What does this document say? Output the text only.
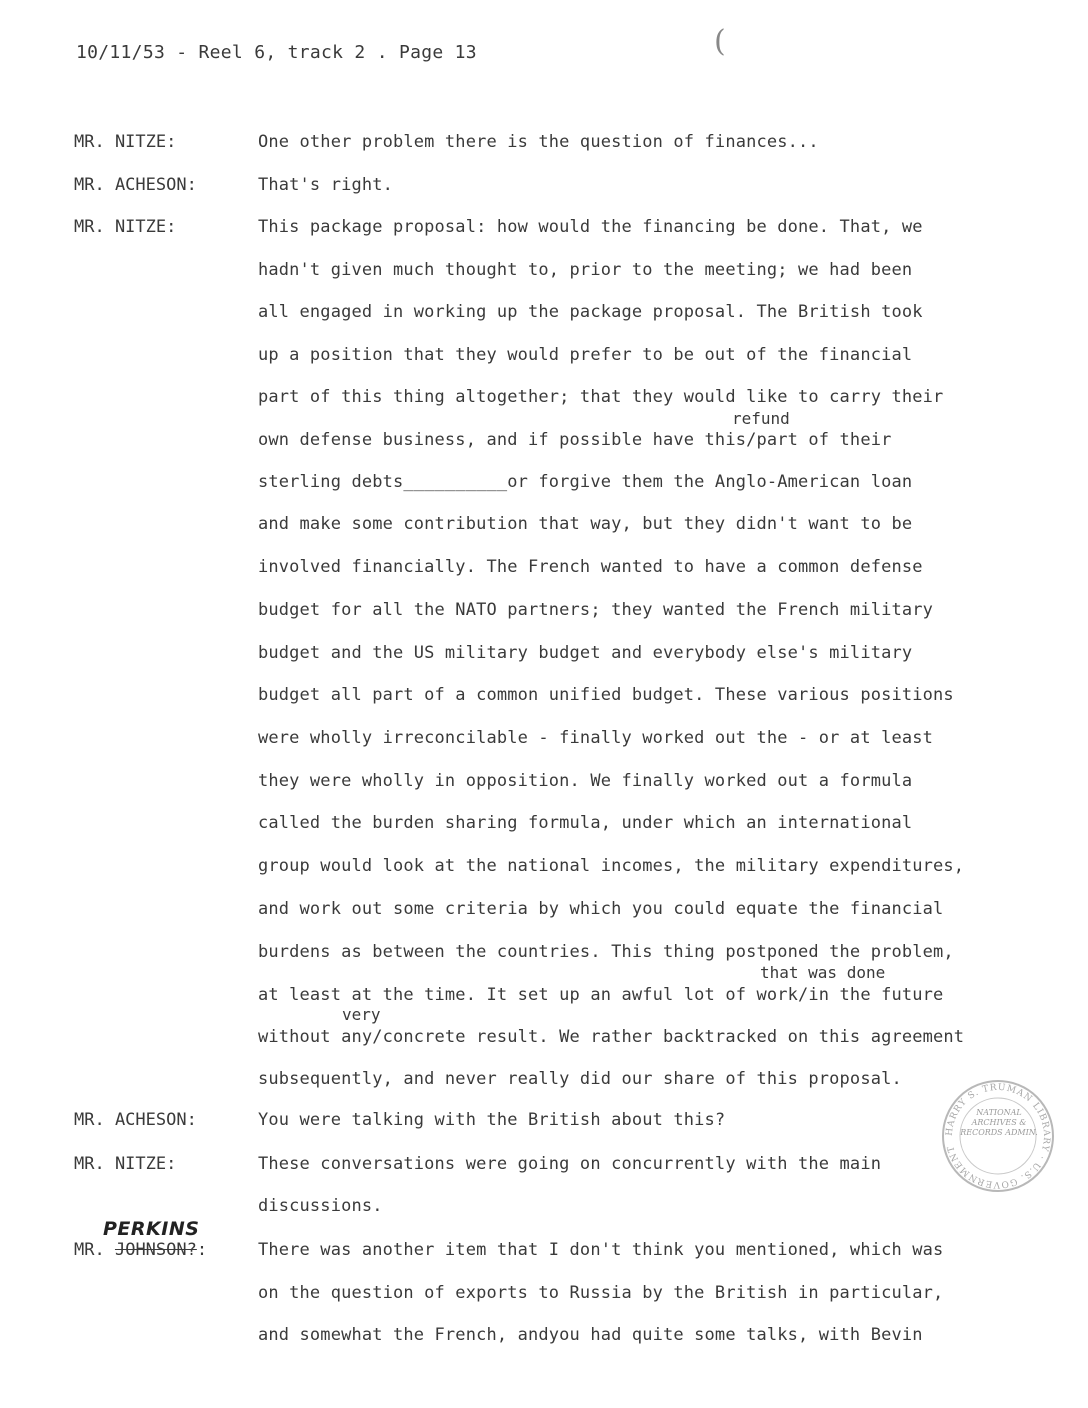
10/11/53 - Reel 6, track 2 . Page 13	(
MR. NITZE:
MR. ACHESON:
MR. NITZE:
MR. ACHESON:
MR. NITZE:
MR. JOHNSON?:
PERKINS
One other problem there is the question of finances...
That's right.
This package proposal: how would the financing be done. That, we
hadn't given much thought to, prior to the meeting; we had been
all engaged in working up the package proposal. The British took
up a position that they would prefer to be out of the financial
part of this thing altogether; that they would like to carry their
refund
own defense business, and if possible have this/part of their
sterling debts__________or forgive them the Anglo-American loan
and make some contribution that way, but they didn't want to be
involved financially. The French wanted to have a common defense
budget for all the NATO partners; they wanted the French military
budget and the US military budget and everybody else's military
budget all part of a common unified budget. These various positions
were wholly irreconcilable - finally worked out the - or at least
they were wholly in opposition. We finally worked out a formula
called the burden sharing formula, under which an international
group would look at the national incomes, the military expenditures,
and work out some criteria by which you could equate the financial
burdens as between the countries. This thing postponed the problem,
that was done
at least at the time. It set up an awful lot of work/in the future
very
without any/concrete result. We rather backtracked on this agreement
subsequently, and never really did our share of this proposal.
You were talking with the British about this?
These conversations were going on concurrently with the main
discussions.
There was another item that I don't think you mentioned, which was
on the question of exports to Russia by the British in particular,
and somewhat the French, andyou had quite some talks, with Bevin
HARRY S. TRUMAN LIBRARY · U.S. GOVERNMENT
NATIONAL ARCHIVES & RECORDS ADMIN.
